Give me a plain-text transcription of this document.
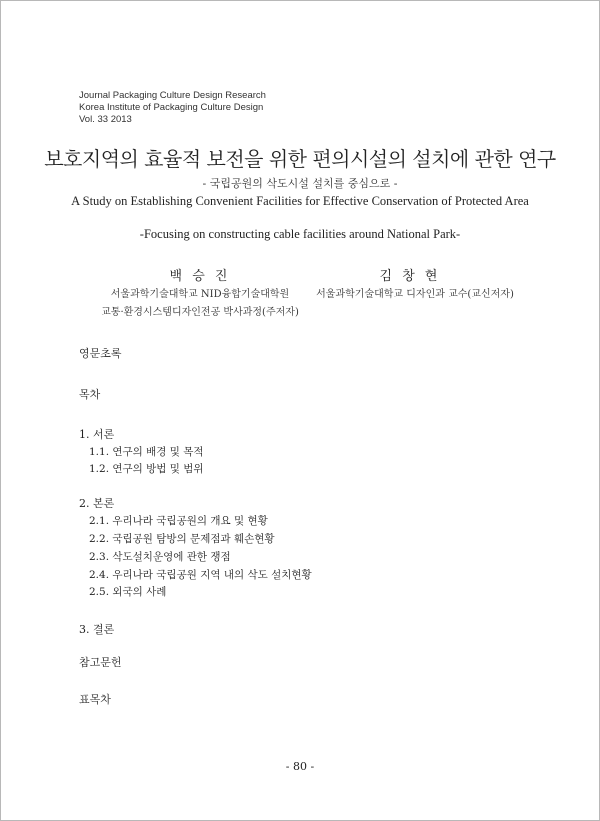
Journal Packaging Culture Design Research
Korea Institute of Packaging Culture Design
Vol. 33 2013
보호지역의 효율적 보전을 위한 편의시설의 설치에 관한 연구
- 국립공원의 삭도시설 설치를 중심으로 -
A Study on Establishing Convenient Facilities for Effective Conservation of Protected Area
-Focusing on constructing cable facilities around National Park-
백 승 진	김 창 현
서울과학기술대학교 NID융합기술대학원
교통·환경시스템디자인전공 박사과정(주저자)
서울과학기술대학교 디자인과 교수(교신저자)
영문초록
목차
1. 서론
1.1. 연구의 배경 및 목적
1.2. 연구의 방법 및 범위
2. 본론
2.1. 우리나라 국립공원의 개요 및 현황
2.2. 국립공원 탐방의 문제점과 훼손현황
2.3. 삭도설치운영에 관한 쟁점
2.4. 우리나라 국립공원 지역 내의 삭도 설치현황
2.5. 외국의 사례
3. 결론
참고문헌
표목차
- 80 -
